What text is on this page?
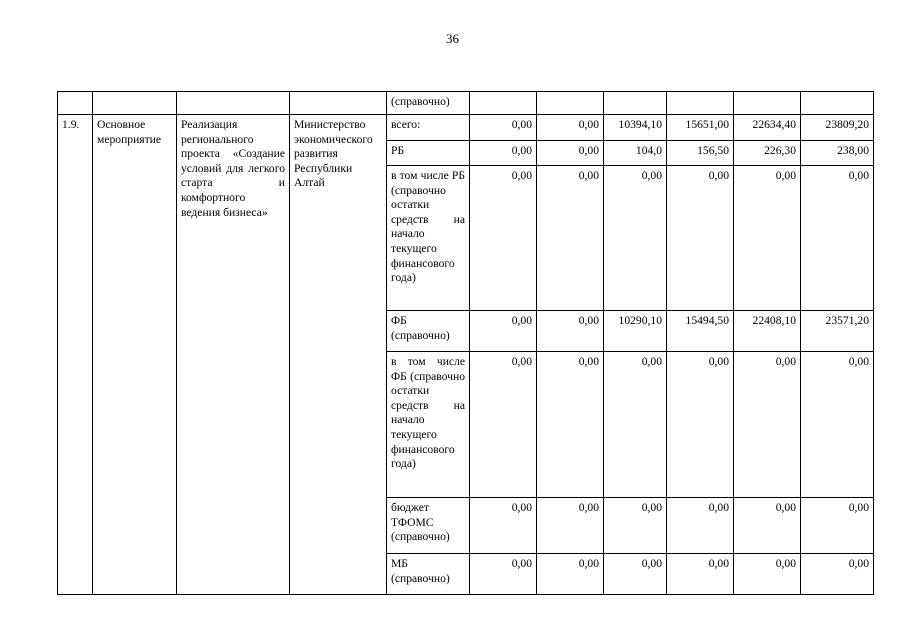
36
				(справочно)						
1.9.	Основное мероприятие	Реализация регионального проекта «Создание условий для легкого старта и комфортного ведения бизнеса»	Министерство экономического развития Республики Алтай	всего:	0,00	0,00	10394,10	15651,00	22634,40	23809,20
				РБ	0,00	0,00	104,0	156,50	226,30	238,00
				в том числе РБ (справочно остатки средств на начало текущего финансового года)	0,00	0,00	0,00	0,00	0,00	0,00
				ФБ (справочно)	0,00	0,00	10290,10	15494,50	22408,10	23571,20
				в том числе ФБ (справочно остатки средств на начало текущего финансового года)	0,00	0,00	0,00	0,00	0,00	0,00
				бюджет ТФОМС (справочно)	0,00	0,00	0,00	0,00	0,00	0,00
				МБ (справочно)	0,00	0,00	0,00	0,00	0,00	0,00
